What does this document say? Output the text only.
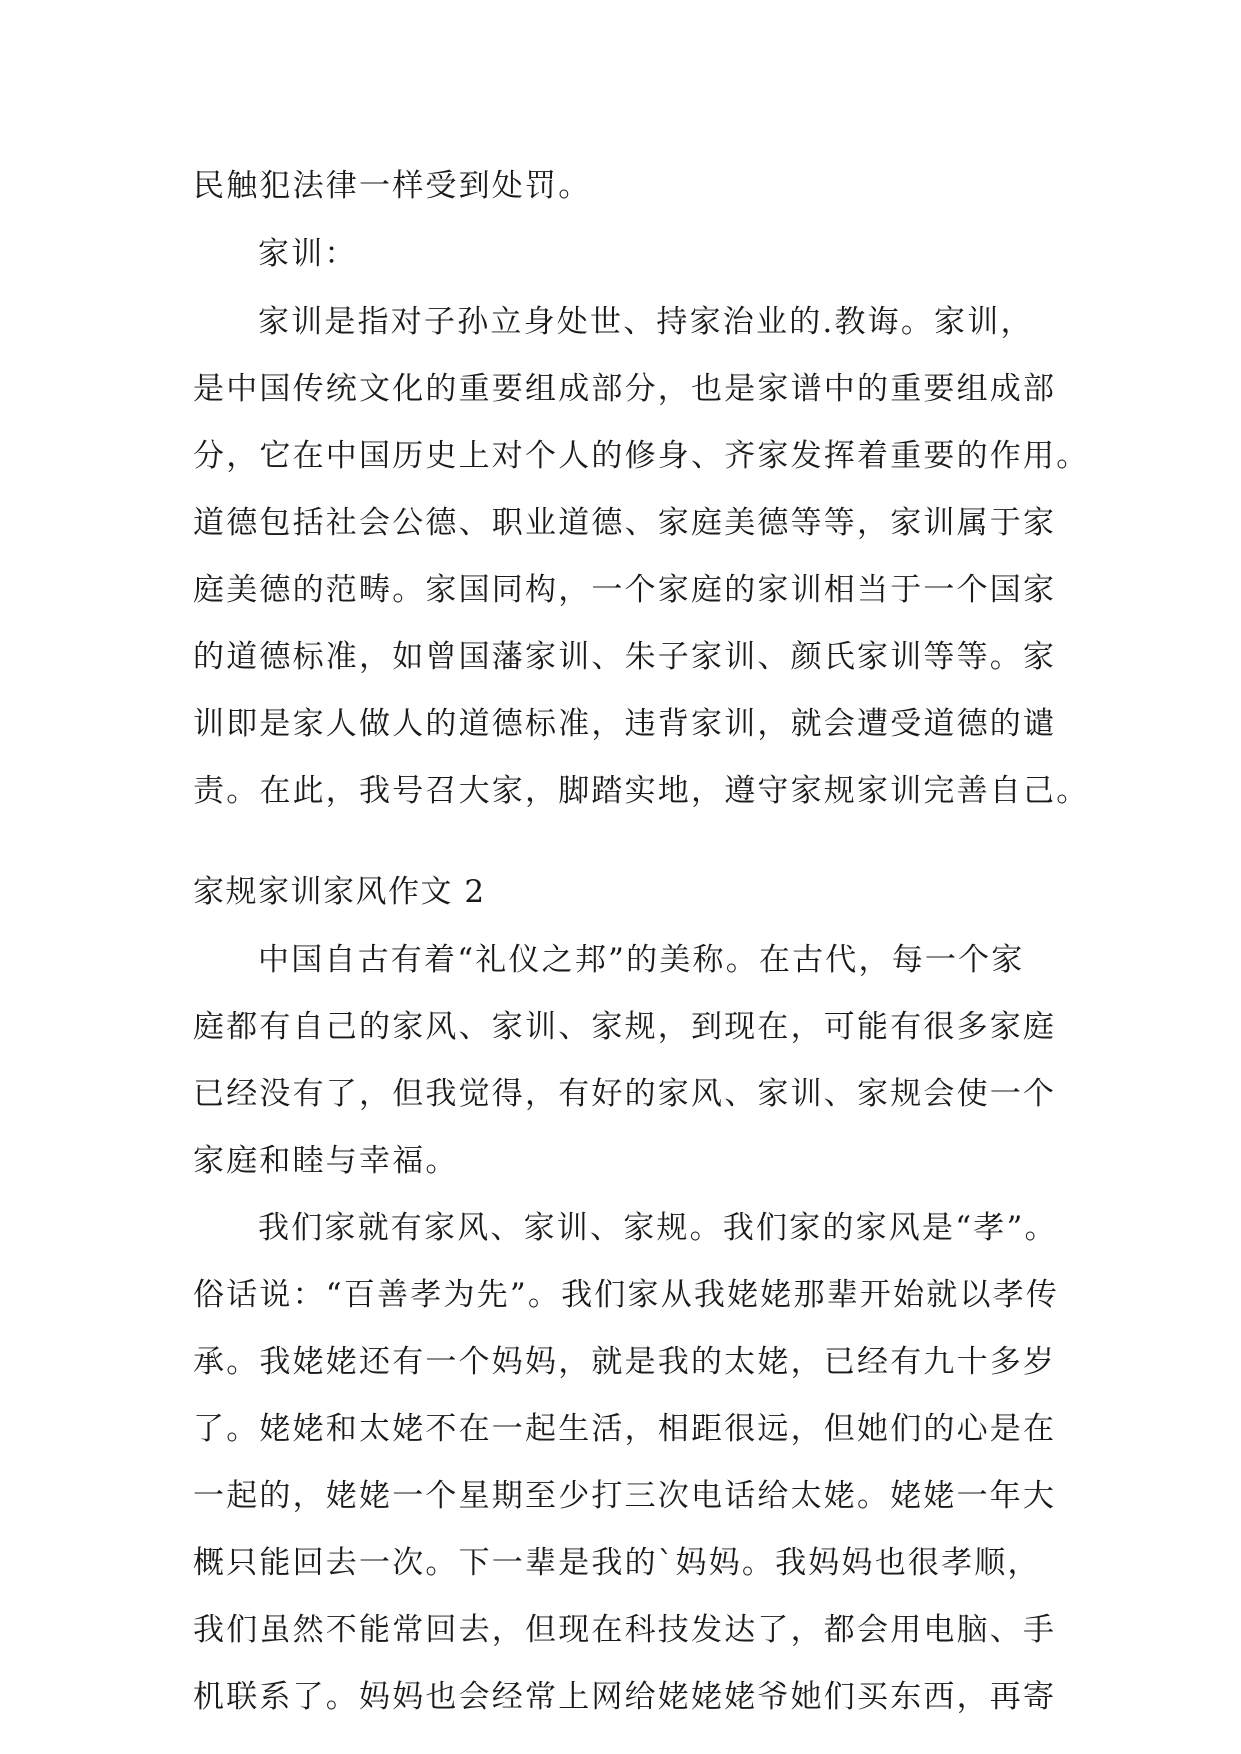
民触犯法律一样受到处罚。
家训：
家训是指对子孙立身处世、持家治业的.教诲。家训，
是中国传统文化的重要组成部分，也是家谱中的重要组成部
分，它在中国历史上对个人的修身、齐家发挥着重要的作用。
道德包括社会公德、职业道德、家庭美德等等，家训属于家
庭美德的范畴。家国同构，一个家庭的家训相当于一个国家
的道德标准，如曾国藩家训、朱子家训、颜氏家训等等。家
训即是家人做人的道德标准，违背家训，就会遭受道德的谴
责。在此，我号召大家，脚踏实地，遵守家规家训完善自己。
家规家训家风作文 2
中国自古有着“礼仪之邦”的美称。在古代，每一个家
庭都有自己的家风、家训、家规，到现在，可能有很多家庭
已经没有了，但我觉得，有好的家风、家训、家规会使一个
家庭和睦与幸福。
我们家就有家风、家训、家规。我们家的家风是“孝”。
俗话说：“百善孝为先”。我们家从我姥姥那辈开始就以孝传
承。我姥姥还有一个妈妈，就是我的太姥，已经有九十多岁
了。姥姥和太姥不在一起生活，相距很远，但她们的心是在
一起的，姥姥一个星期至少打三次电话给太姥。姥姥一年大
概只能回去一次。下一辈是我的`妈妈。我妈妈也很孝顺，
我们虽然不能常回去，但现在科技发达了，都会用电脑、手
机联系了。妈妈也会经常上网给姥姥姥爷她们买东西，再寄
